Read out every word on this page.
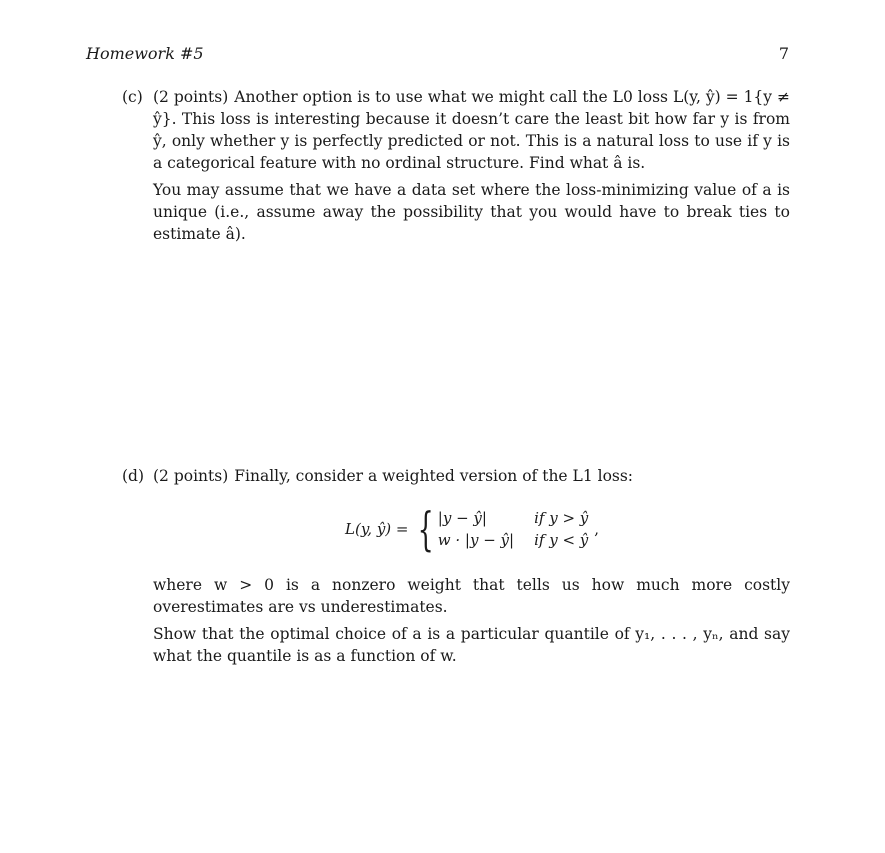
Homework #5	7
(c) (2 points) Another option is to use what we might call the L0 loss L(y, ŷ) = 1{y ≠ ŷ}. This loss is interesting because it doesn’t care the least bit how far y is from ŷ, only whether y is perfectly predicted or not. This is a natural loss to use if y is a categorical feature with no ordinal structure. Find what â is.

You may assume that we have a data set where the loss-minimizing value of a is unique (i.e., assume away the possibility that you would have to break ties to estimate â).

(d) (2 points) Finally, consider a weighted version of the L1 loss:

L(y, ŷ) = { |y − ŷ|	if y > ŷ
w · |y − ŷ| if y < ŷ
,

where w > 0 is a nonzero weight that tells us how much more costly overestimates are vs underestimates.

Show that the optimal choice of a is a particular quantile of y₁, . . . , yₙ, and say what the quantile is as a function of w.
